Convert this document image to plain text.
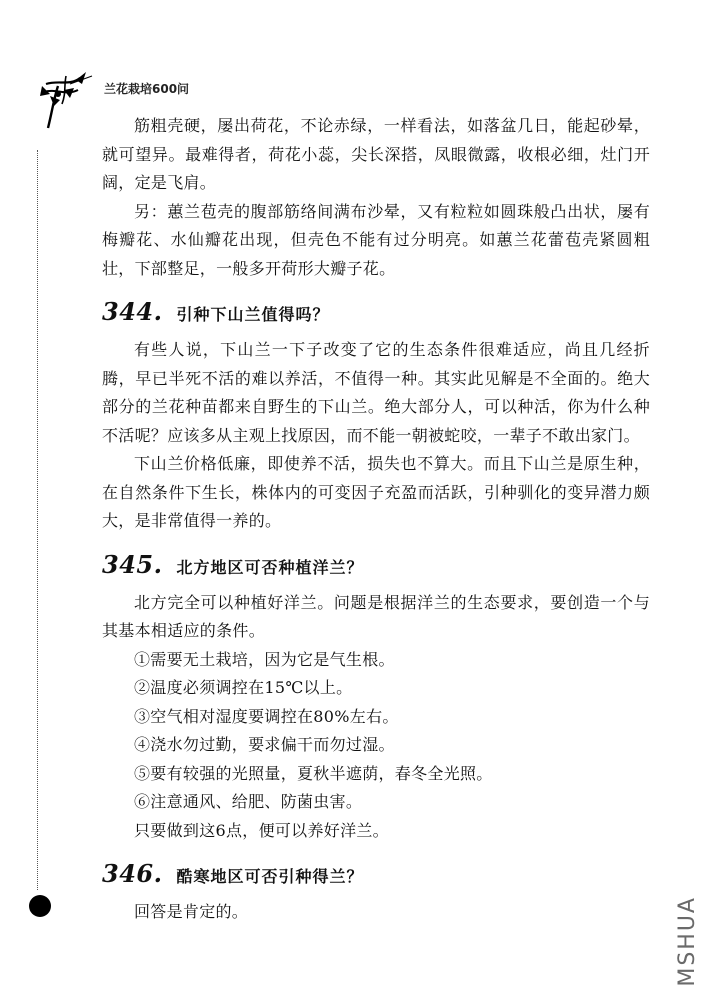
兰花栽培600问

筋粗壳硬，屡出荷花，不论赤绿，一样看法，如落盆几日，能起砂晕，就可望异。最难得者，荷花小蕊，尖长深搭，凤眼微露，收根必细，灶门开阔，定是飞肩。

另：蕙兰苞壳的腹部筋络间满布沙晕，又有粒粒如圆珠般凸出状，屡有梅瓣花、水仙瓣花出现，但壳色不能有过分明亮。如蕙兰花蕾苞壳紧圆粗壮，下部整足，一般多开荷形大瓣子花。

344. 引种下山兰值得吗？

有些人说，下山兰一下子改变了它的生态条件很难适应，尚且几经折腾，早已半死不活的难以养活，不值得一种。其实此见解是不全面的。绝大部分的兰花种苗都来自野生的下山兰。绝大部分人，可以种活，你为什么种不活呢？应该多从主观上找原因，而不能一朝被蛇咬，一辈子不敢出家门。

下山兰价格低廉，即使养不活，损失也不算大。而且下山兰是原生种，在自然条件下生长，株体内的可变因子充盈而活跃，引种驯化的变异潜力颇大，是非常值得一养的。

345. 北方地区可否种植洋兰？

北方完全可以种植好洋兰。问题是根据洋兰的生态要求，要创造一个与其基本相适应的条件。

①需要无土栽培，因为它是气生根。

②温度必须调控在15℃以上。

③空气相对湿度要调控在80%左右。

④浇水勿过勤，要求偏干而勿过湿。

⑤要有较强的光照量，夏秋半遮荫，春冬全光照。

⑥注意通风、给肥、防菌虫害。

只要做到这6点，便可以养好洋兰。

346. 酷寒地区可否引种得兰？

回答是肯定的。	MSHUA
